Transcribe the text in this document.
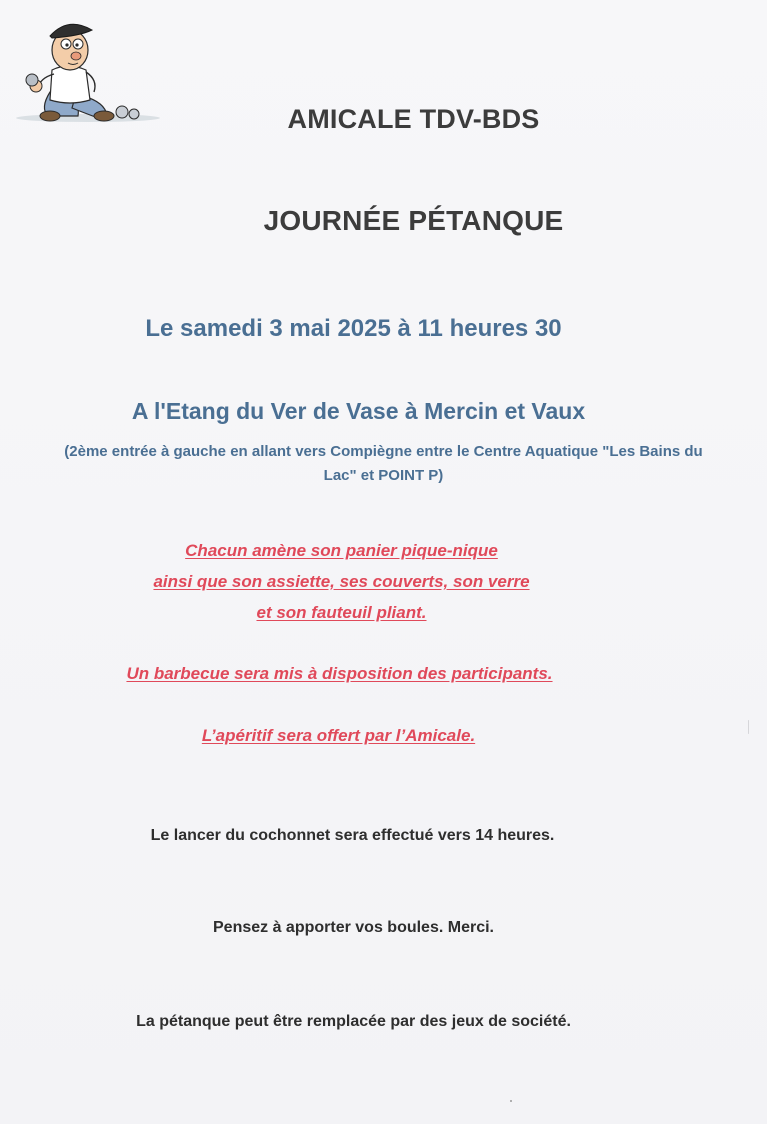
AMICALE TDV-BDS
JOURNÉE PÉTANQUE
Le samedi 3 mai 2025 à 11 heures 30
A l'Etang du Ver de Vase à Mercin et Vaux
(2ème entrée à gauche en allant vers Compiègne entre le Centre Aquatique "Les Bains du
Lac" et POINT P)
Chacun amène son panier pique-nique
ainsi que son assiette, ses couverts, son verre
et son fauteuil pliant.
Un barbecue sera mis à disposition des participants.
L’apéritif sera offert par l’Amicale.
Le lancer du cochonnet sera effectué vers 14 heures.
Pensez à apporter vos boules. Merci.
La pétanque peut être remplacée par des jeux de société.
